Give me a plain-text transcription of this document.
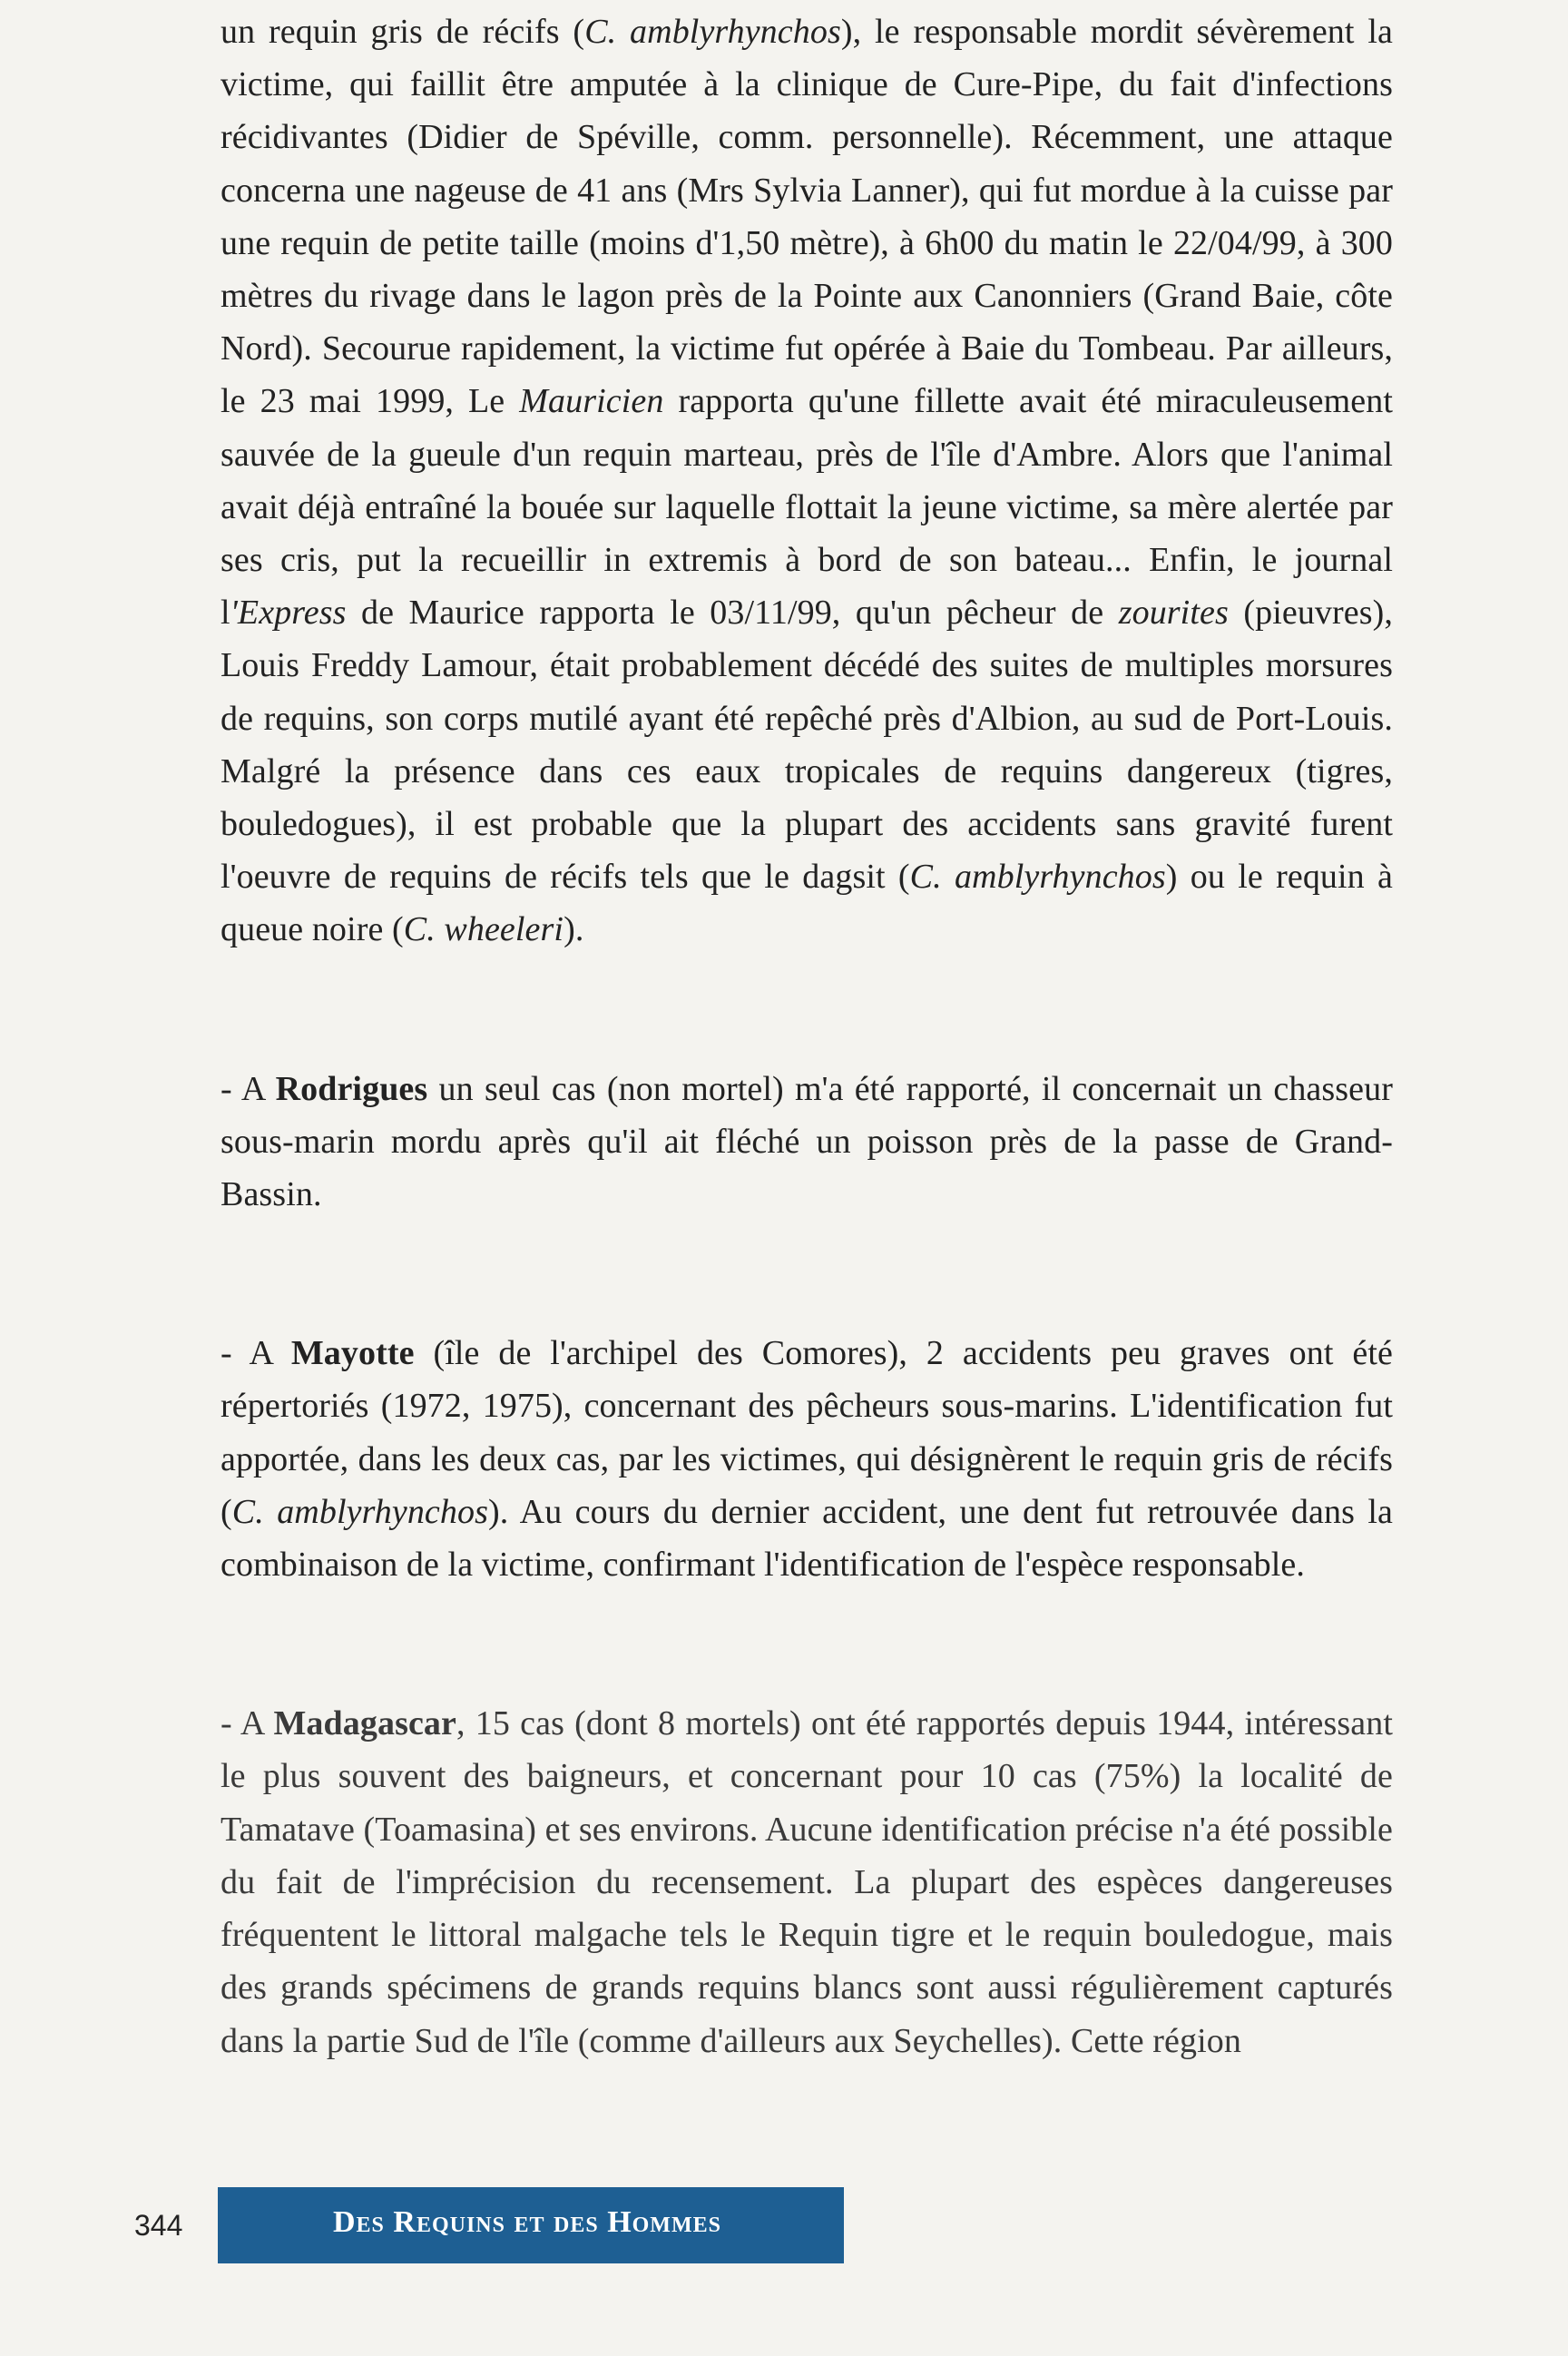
un requin gris de récifs (C. amblyrhynchos), le responsable mordit sévèrement la victime, qui faillit être amputée à la clinique de Cure-Pipe, du fait d'infections récidivantes (Didier de Spéville, comm. personnelle). Récemment, une attaque concerna une nageuse de 41 ans (Mrs Sylvia Lanner), qui fut mordue à la cuisse par une requin de petite taille (moins d'1,50 mètre), à 6h00 du matin le 22/04/99, à 300 mètres du rivage dans le lagon près de la Pointe aux Canonniers (Grand Baie, côte Nord). Secourue rapidement, la victime fut opérée à Baie du Tombeau. Par ailleurs, le 23 mai 1999, Le Mauricien rapporta qu'une fillette avait été miraculeusement sauvée de la gueule d'un requin marteau, près de l'île d'Ambre. Alors que l'animal avait déjà entraîné la bouée sur laquelle flottait la jeune victime, sa mère alertée par ses cris, put la recueillir in extremis à bord de son bateau... Enfin, le journal l'Express de Maurice rapporta le 03/11/99, qu'un pêcheur de zourites (pieuvres), Louis Freddy Lamour, était probablement décédé des suites de multiples morsures de requins, son corps mutilé ayant été repêché près d'Albion, au sud de Port-Louis. Malgré la présence dans ces eaux tropicales de requins dangereux (tigres, bouledogues), il est probable que la plupart des accidents sans gravité furent l'oeuvre de requins de récifs tels que le dagsit (C. amblyrhynchos) ou le requin à queue noire (C. wheeleri).

- A Rodrigues un seul cas (non mortel) m'a été rapporté, il concernait un chasseur sous-marin mordu après qu'il ait fléché un poisson près de la passe de Grand-Bassin.

- A Mayotte (île de l'archipel des Comores), 2 accidents peu graves ont été répertoriés (1972, 1975), concernant des pêcheurs sous-marins. L'identification fut apportée, dans les deux cas, par les victimes, qui désignèrent le requin gris de récifs (C. amblyrhynchos). Au cours du dernier accident, une dent fut retrouvée dans la combinaison de la victime, confirmant l'identification de l'espèce responsable.

- A Madagascar, 15 cas (dont 8 mortels) ont été rapportés depuis 1944, intéressant le plus souvent des baigneurs, et concernant pour 10 cas (75%) la localité de Tamatave (Toamasina) et ses environs. Aucune identification précise n'a été possible du fait de l'imprécision du recensement. La plupart des espèces dangereuses fréquentent le littoral malgache tels le Requin tigre et le requin bouledogue, mais des grands spécimens de grands requins blancs sont aussi régulièrement capturés dans la partie Sud de l'île (comme d'ailleurs aux Seychelles). Cette région

344	Des Requins et des Hommes
